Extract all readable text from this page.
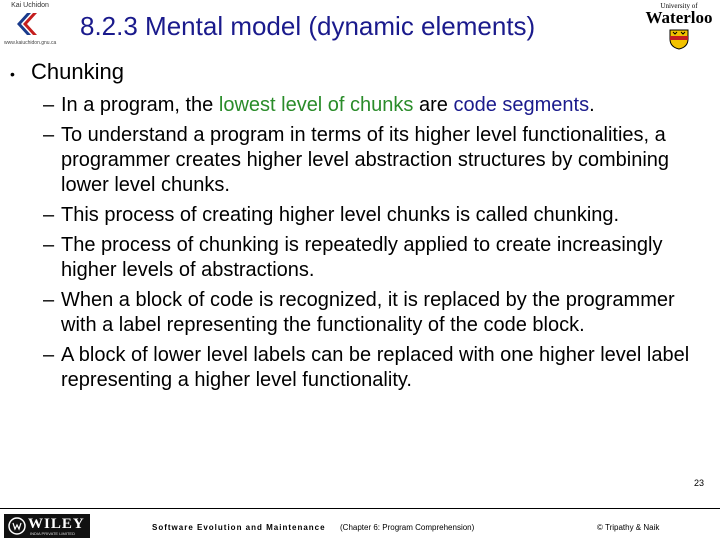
Kai Uchidon
www.kaiuchidon.gnu.ca
8.2.3 Mental model (dynamic elements)
University of
Waterloo
• Chunking
– In a program, the lowest level of chunks are code segments.
– To understand a program in terms of its higher level functionalities, a programmer creates higher level abstraction structures by combining lower level chunks.
– This process of creating higher level chunks is called chunking.
– The process of chunking is repeatedly applied to create increasingly higher levels of abstractions.
– When a block of code is recognized, it is replaced by the programmer with a label representing the functionality of the code block.
– A block of lower level labels can be replaced with one higher level label representing a higher level functionality.
23
WILEY
INDIA PRIVATE LIMITED
Software Evolution and Maintenance (Chapter 6: Program Comprehension)	© Tripathy & Naik
